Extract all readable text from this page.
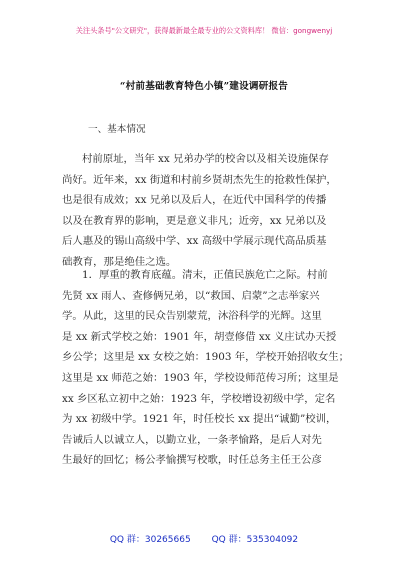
关注头条号"公文研究"，获得最新最全最专业的公文资料库！ 微信：gongwenyj
“村前基础教育特色小镇”建设调研报告
一、基本情况
村前原址，当年 xx 兄弟办学的校舍以及相关设施保存
尚好。近年来，xx 街道和村前乡贤胡杰先生的抢救性保护，
也是很有成效；xx 兄弟以及后人，在近代中国科学的传播
以及在教育界的影响，更是意义非凡；近旁，xx 兄弟以及
后人惠及的锡山高级中学、xx 高级中学展示现代高品质基
础教育，那是绝佳之选。
1．厚重的教育底蕴。清末，正值民族危亡之际。村前
先贤 xx 雨人、查修俩兄弟，以“救国、启蒙”之志举家兴
学。从此，这里的民众告别蒙荒，沐浴科学的光辉。这里
是 xx 新式学校之始：1901 年，胡壹修借 xx 义庄试办天授
乡公学；这里是 xx 女校之始：1903 年，学校开始招收女生；
这里是 xx 师范之始：1903 年，学校设师范传习所；这里是
xx 乡区私立初中之始：1923 年，学校增设初级中学，定名
为 xx 初级中学。1921 年，时任校长 xx 提出“诚勤”校训，
告诫后人以诚立人，以勤立业，一条孝愉路，是后人对先
生最好的回忆；杨公孝愉撰写校歌，时任总务主任王公彦
QQ 群：30265665 QQ 群：535304092
